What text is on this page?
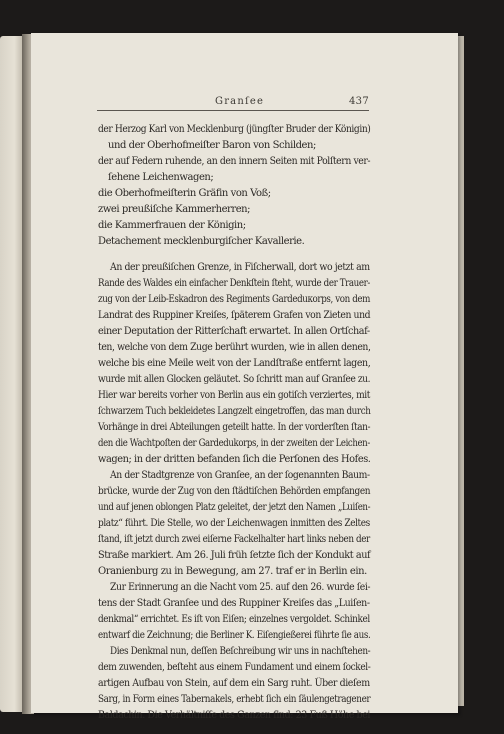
Granſee	437
der Herzog Karl von Mecklenburg (jüngſter Bruder der Königin)
und der Oberhofmeiſter Baron von Schilden;
der auf Federn ruhende, an den innern Seiten mit Polſtern ver-
ſehene Leichenwagen;
die Oberhofmeiſterin Gräfin von Voß;
zwei preußiſche Kammerherren;
die Kammerfrauen der Königin;
Detachement mecklenburgiſcher Kavallerie.
An der preußiſchen Grenze, in Fiſcherwall, dort wo jetzt am
Rande des Waldes ein einfacher Denkſtein ſteht, wurde der Trauer-
zug von der Leib-Eskadron des Regiments Gardeduкorps, von dem
Landrat des Ruppiner Kreiſes, ſpäterem Grafen von Zieten und
einer Deputation der Ritterſchaft erwartet. In allen Ortſchaf-
ten, welche von dem Zuge berührt wurden, wie in allen denen,
welche bis eine Meile weit von der Landſtraße entfernt lagen,
wurde mit allen Glocken geläutet. So ſchritt man auf Granſee zu.
Hier war bereits vorher von Berlin aus ein gotiſch verziertes, mit
ſchwarzem Tuch bekleidetes Langzelt eingetroffen, das man durch
Vorhänge in drei Abteilungen geteilt hatte. In der vorderſten ſtan-
den die Wachtpoſten der Gardedukorps, in der zweiten der Leichen-
wagen; in der dritten befanden ſich die Perſonen des Hofes.
An der Stadtgrenze von Granſee, an der ſogenannten Baum-
brücke, wurde der Zug von den ſtädtiſchen Behörden empfangen
und auf jenen oblongen Platz geleitet, der jetzt den Namen „Luiſen-
platz“ führt. Die Stelle, wo der Leichenwagen inmitten des Zeltes
ſtand, iſt jetzt durch zwei eiſerne Fackelhalter hart links neben der
Straße markiert. Am 26. Juli früh ſetzte ſich der Kondukt auf
Oranienburg zu in Bewegung, am 27. traf er in Berlin ein.
Zur Erinnerung an die Nacht vom 25. auf den 26. wurde ſei-
tens der Stadt Granſee und des Ruppiner Kreiſes das „Luiſen-
denkmal“ errichtet. Es iſt von Eiſen; einzelnes vergoldet. Schinkel
entwarf die Zeichnung; die Berliner K. Eiſengießerei führte ſie aus.
Dies Denkmal nun, deſſen Beſchreibung wir uns in nachſtehen-
dem zuwenden, beſteht aus einem Fundament und einem ſockel-
artigen Aufbau von Stein, auf dem ein Sarg ruht. Über dieſem
Sarg, in Form eines Tabernakels, erhebt ſich ein ſäulengetragener
Baldachin. Die Verhältniſſe des Ganzen ſind: 23 Fuß Höhe bei
